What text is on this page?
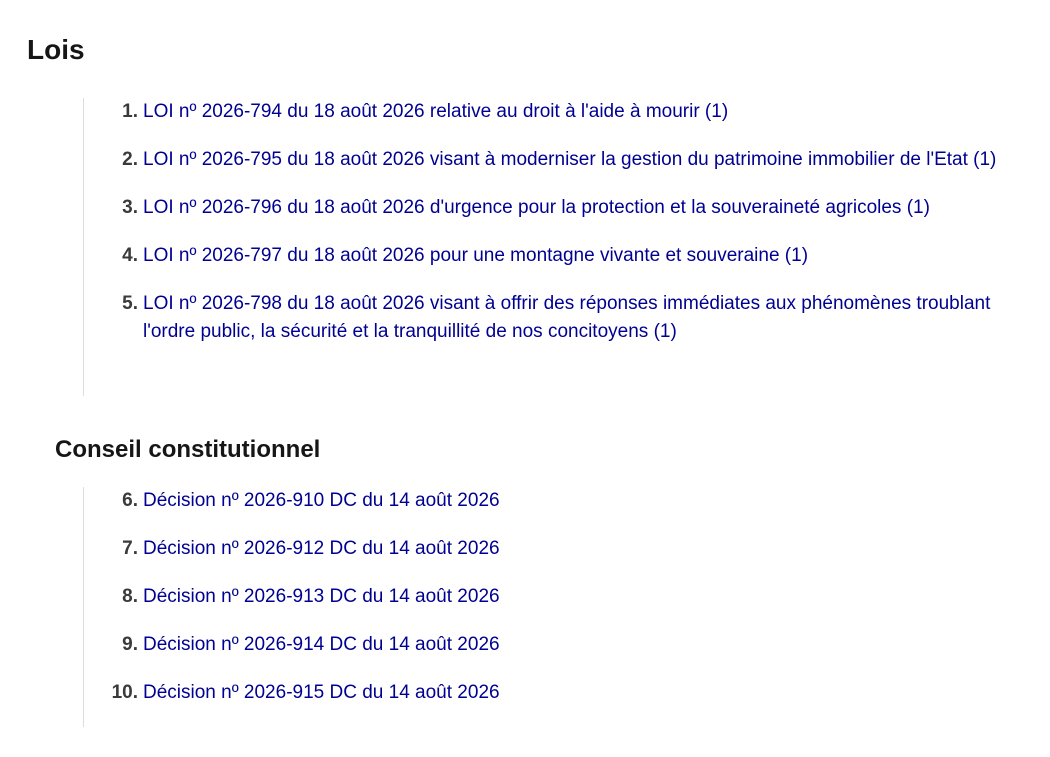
Lois
1. LOI nº 2026-794 du 18 août 2026 relative au droit à l'aide à mourir (1)
2. LOI nº 2026-795 du 18 août 2026 visant à moderniser la gestion du patrimoine immobilier de l'Etat (1)
3. LOI nº 2026-796 du 18 août 2026 d'urgence pour la protection et la souveraineté agricoles (1)
4. LOI nº 2026-797 du 18 août 2026 pour une montagne vivante et souveraine (1)
5. LOI nº 2026-798 du 18 août 2026 visant à offrir des réponses immédiates aux phénomènes troublant l'ordre public, la sécurité et la tranquillité de nos concitoyens (1)
Conseil constitutionnel
6. Décision nº 2026-910 DC du 14 août 2026
7. Décision nº 2026-912 DC du 14 août 2026
8. Décision nº 2026-913 DC du 14 août 2026
9. Décision nº 2026-914 DC du 14 août 2026
10. Décision nº 2026-915 DC du 14 août 2026
